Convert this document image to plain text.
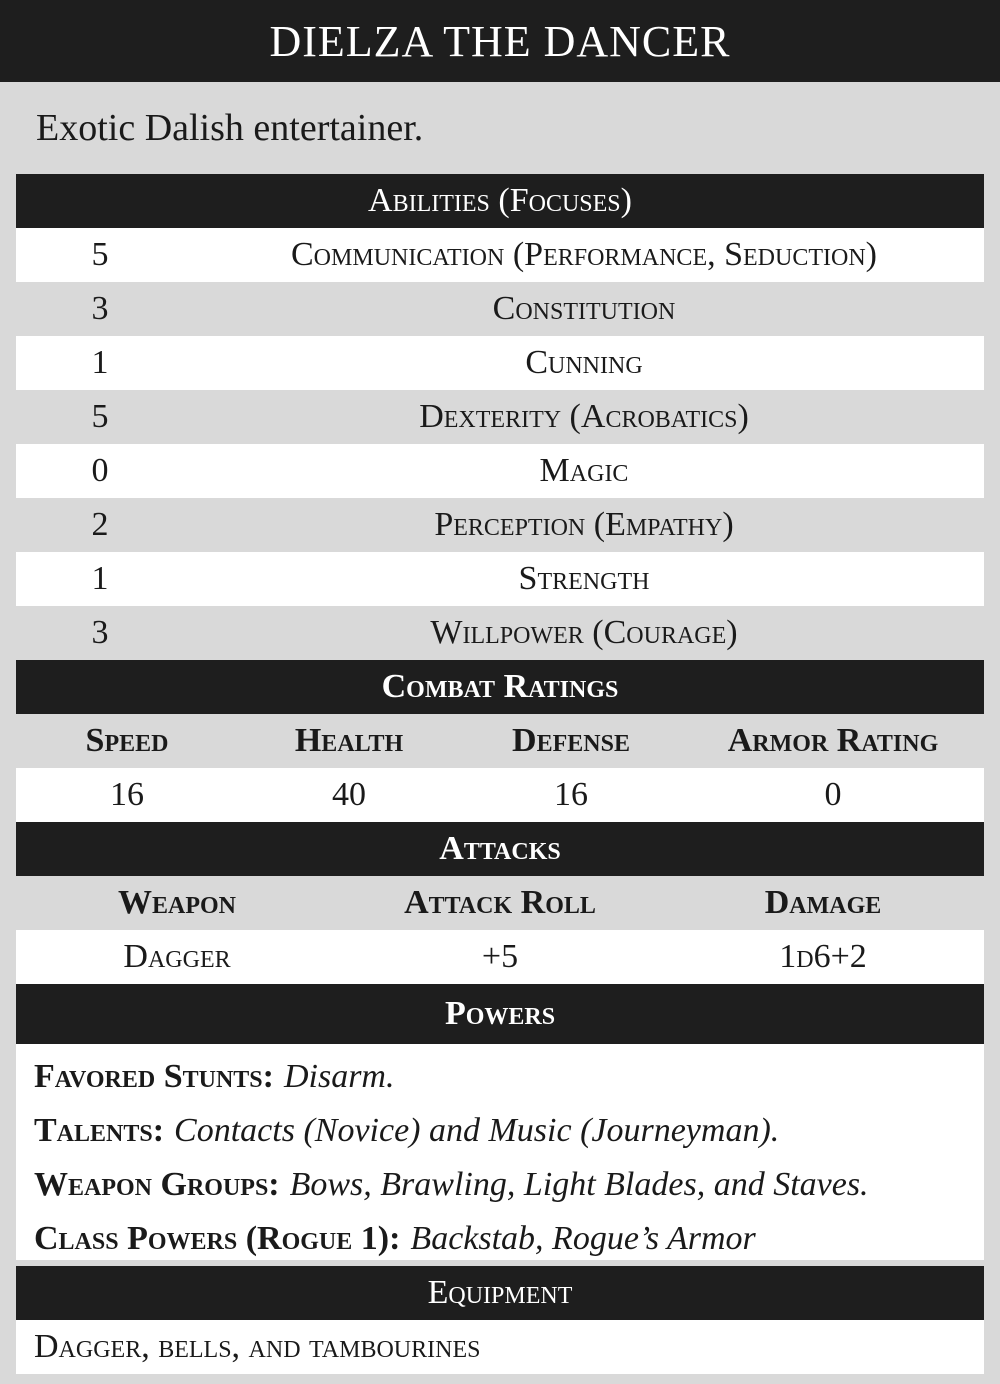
DIELZA THE DANCER
Exotic Dalish entertainer.
Abilities (Focuses)
5	Communication (Performance, Seduction)
3	Constitution
1	Cunning
5	Dexterity (Acrobatics)
0	Magic
2	Perception (Empathy)
1	Strength
3	Willpower (Courage)
Combat Ratings
Speed	Health	Defense	Armor Rating
16	40	16	0
Attacks
Weapon	Attack Roll	Damage
Dagger	+5	1d6+2
Powers
Favored Stunts: Disarm.
Talents: Contacts (Novice) and Music (Journeyman).
Weapon Groups: Bows, Brawling, Light Blades, and Staves.
Class Powers (Rogue 1): Backstab, Rogue’s Armor
Equipment
Dagger, bells, and tambourines
